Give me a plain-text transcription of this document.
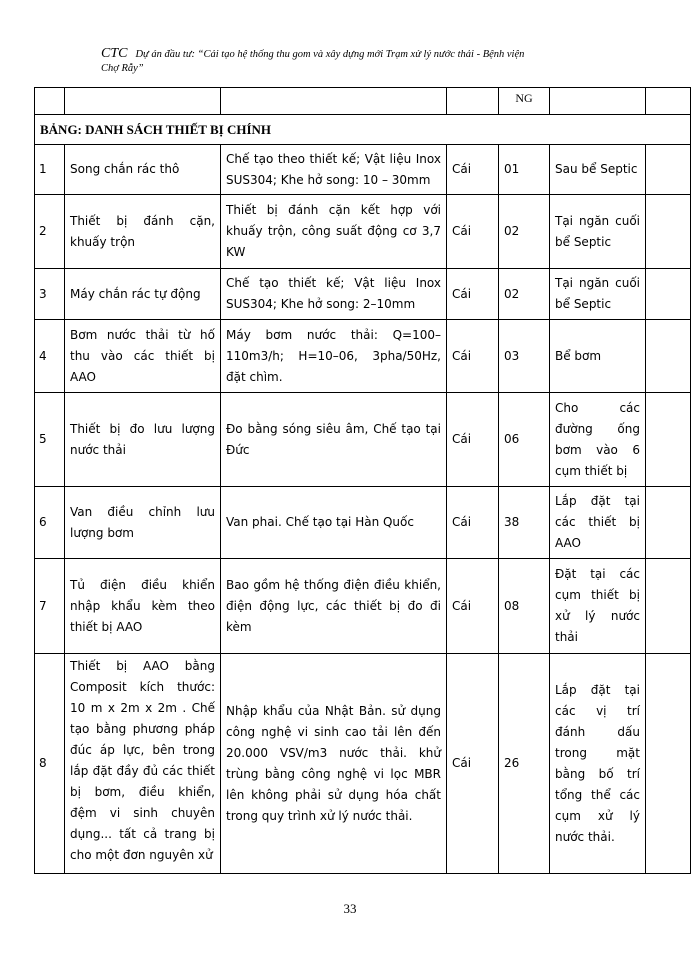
CTC Dự án đầu tư: “Cải tạo hệ thống thu gom và xây dựng mới Trạm xử lý nước thải - Bệnh viện
Chợ Rẫy”
				NG		
BẢNG: DANH SÁCH THIẾT BỊ CHÍNH						
1	Song chắn rác thô	Chế tạo theo thiết kế; Vật liệu Inox SUS304; Khe hở song: 10 – 30mm	Cái	01	Sau bể Septic	
2	Thiết bị đánh cặn, khuấy trộn	Thiết bị đánh cặn kết hợp với khuấy trộn, công suất động cơ 3,7 KW	Cái	02	Tại ngăn cuối bể Septic	
3	Máy chắn rác tự động	Chế tạo thiết kế; Vật liệu Inox SUS304; Khe hở song: 2–10mm	Cái	02	Tại ngăn cuối bể Septic	
4	Bơm nước thải từ hố thu vào các thiết bị AAO	Máy bơm nước thải: Q=100–110m3/h; H=10–06, 3pha/50Hz, đặt chìm.	Cái	03	Bể bơm	
5	Thiết bị đo lưu lượng nước thải	Đo bằng sóng siêu âm, Chế tạo tại Đức	Cái	06	Cho các đường ống bơm vào 6 cụm thiết bị	
6	Van điều chỉnh lưu lượng bơm	Van phai. Chế tạo tại Hàn Quốc	Cái	38	Lắp đặt tại các thiết bị AAO	
7	Tủ điện điều khiển nhập khẩu kèm theo thiết bị AAO	Bao gồm hệ thống điện điều khiển, điện động lực, các thiết bị đo đi kèm	Cái	08	Đặt tại các cụm thiết bị xử lý nước thải	
8	Thiết bị AAO bằng Composit kích thước: 10 m x 2m x 2m . Chế tạo bằng phương pháp đúc áp lực, bên trong lắp đặt đầy đủ các thiết bị bơm, điều khiển, đệm vi sinh chuyên dụng... tất cả trang bị cho một đơn nguyên xử	Nhập khẩu của Nhật Bản. sử dụng công nghệ vi sinh cao tải lên đến 20.000 VSV/m3 nước thải. khử trùng bằng công nghệ vi lọc MBR lên không phải sử dụng hóa chất trong quy trình xử lý nước thải.	Cái	26	Lắp đặt tại các vị trí đánh dấu trong mặt bằng bố trí tổng thể các cụm xử lý nước thải.	
33
